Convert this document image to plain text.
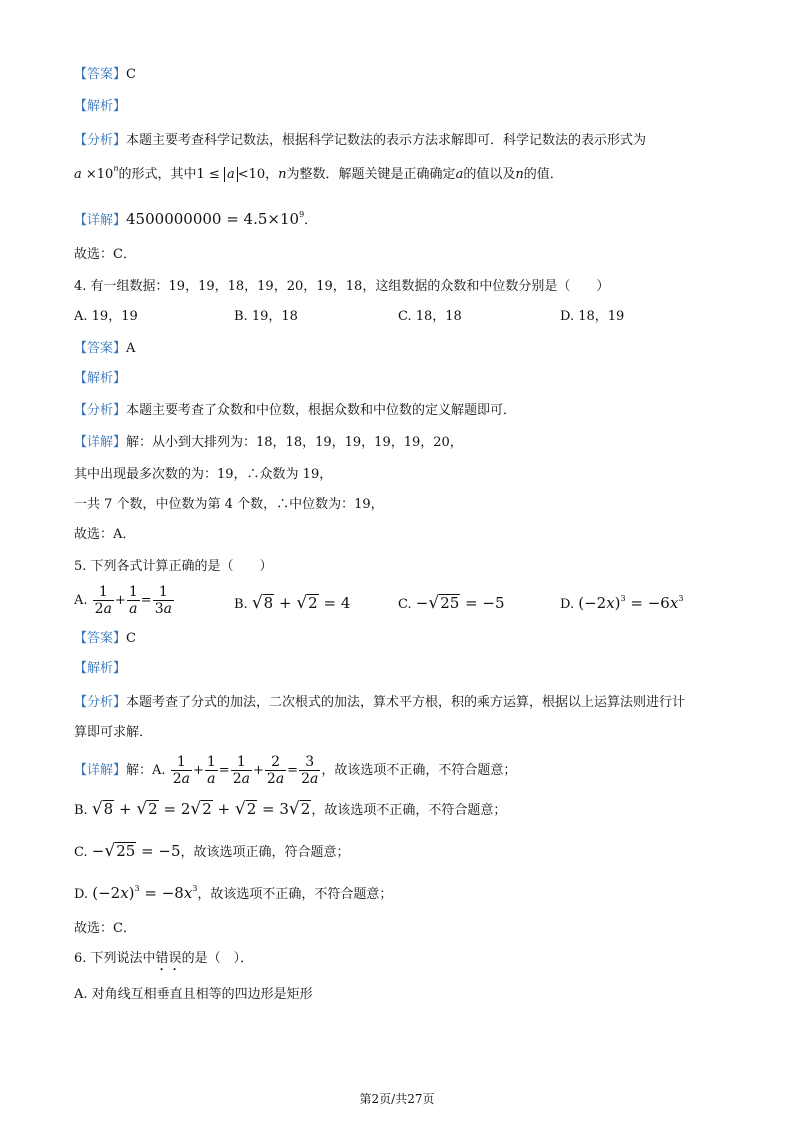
【答案】C
【解析】
【分析】本题主要考查科学记数法，根据科学记数法的表示方法求解即可．科学记数法的表示形式为
$a \times 10^n$的形式，其中1 ≤ a <10，n为整数．解题关键是正确确定a的值以及n的值．
【详解】$4500000000 = 4.5\times 10^9$．
故选：C．
4. 有一组数据：19，19，18，19，20，19，18，这组数据的众数和中位数分别是（　　）
A. 19，19	B. 19，18	C. 18，18	D. 18，19
【答案】A
【解析】
【分析】本题主要考查了众数和中位数，根据众数和中位数的定义解题即可．
【详解】解：从小到大排列为：18，18，19，19，19，19，20，
其中出现最多次数的为：19，∴众数为 19，
一共 7 个数，中位数为第 4 个数，∴中位数为：19，
故选：A．
5. 下列各式计算正确的是（　　）
A. $\frac{1}{2a} + \frac{1}{a} = \frac{1}{3a}$	B. √8 + √2 = 4	C. −√25 = −5	D. $(-2x)^3 = -6x^3$
【答案】C
【解析】
【分析】本题考查了分式的加法，二次根式的加法，算术平方根，积的乘方运算，根据以上运算法则进行计
算即可求解．
【详解】解：A. $\frac{1}{2a} + \frac{1}{a} = \frac{1}{2a} + \frac{2}{2a} = \frac{3}{2a}$ ，故该选项不正确，不符合题意；
B. √8 + √2 = 2√2 + √2 = 3√2，故该选项不正确，不符合题意；
C. −√25 = −5，故该选项正确，符合题意；
D. $(-2x)^3 = -8x^3$，故该选项不正确，不符合题意；
故选：C．
6. 下列说法中错误的是（　）．
A. 对角线互相垂直且相等的四边形是矩形
第2页/共27页
